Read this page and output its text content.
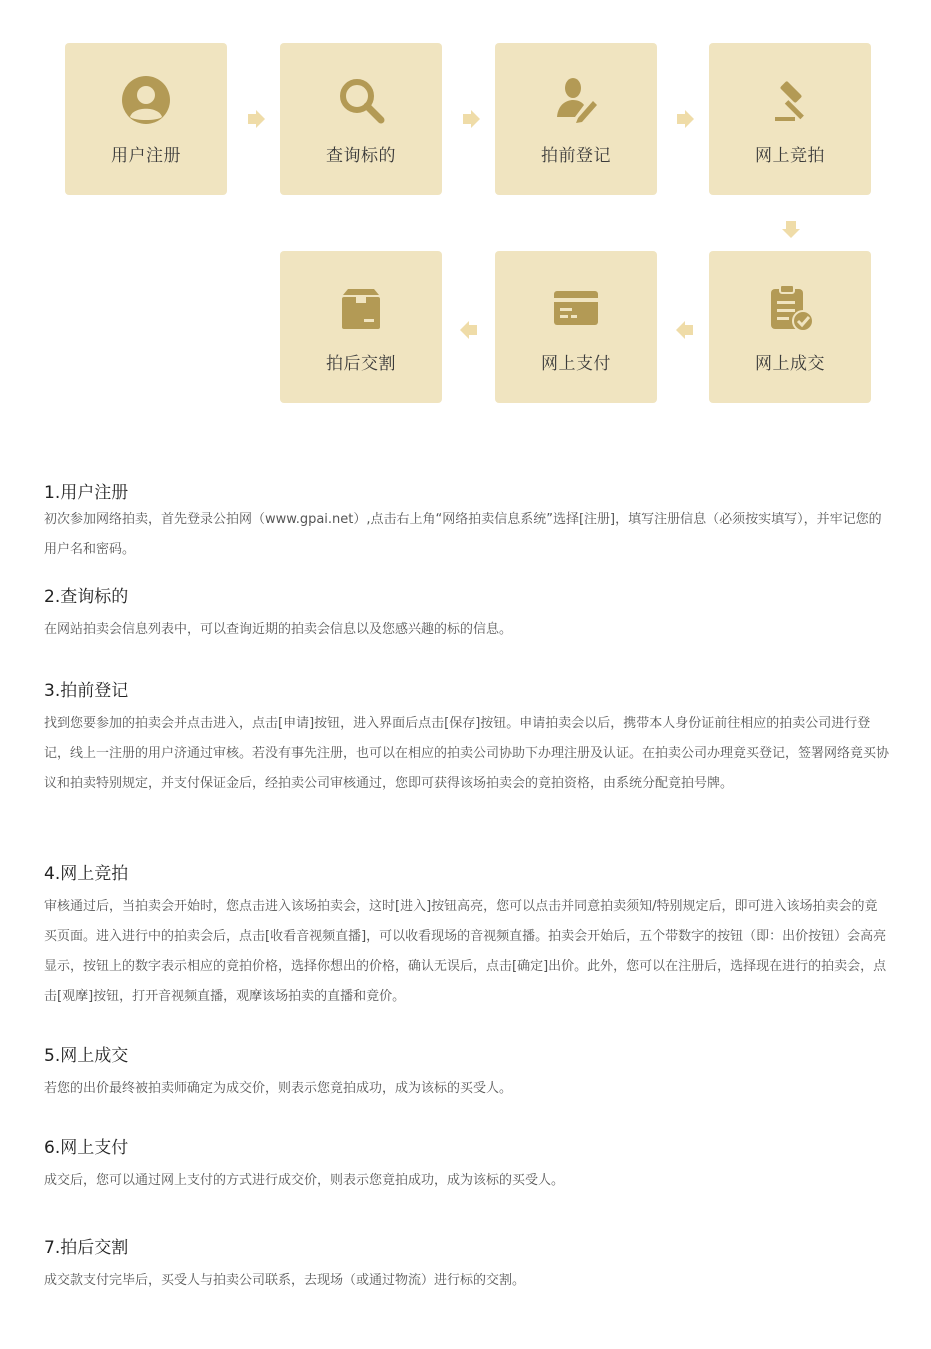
用户注册	查询标的	拍前登记	网上竞拍
网上成交
网上支付
拍后交割
1.用户注册

初次参加网络拍卖，首先登录公拍网（www.gpai.net）,点击右上角“网络拍卖信息系统”选择[注册]，填写注册信息（必须按实填写），并牢记您的用户名和密码。

2.查询标的

在网站拍卖会信息列表中，可以查询近期的拍卖会信息以及您感兴趣的标的信息。

3.拍前登记

找到您要参加的拍卖会并点击进入，点击[申请]按钮，进入界面后点击[保存]按钮。申请拍卖会以后，携带本人身份证前往相应的拍卖公司进行登记，线上一注册的用户济通过审核。若没有事先注册，也可以在相应的拍卖公司协助下办理注册及认证。在拍卖公司办理竟买登记，签署网络竟买协议和拍卖特别规定，并支付保证金后，经拍卖公司审核通过，您即可获得该场拍卖会的竟拍资格，由系统分配竟拍号牌。

4.网上竞拍

审核通过后，当拍卖会开始时，您点击进入该场拍卖会，这时[进入]按钮高亮，您可以点击并同意拍卖须知/特别规定后，即可进入该场拍卖会的竟买页面。进入进行中的拍卖会后，点击[收看音视频直播]，可以收看现场的音视频直播。拍卖会开始后，五个带数字的按钮（即：出价按钮）会高亮显示，按钮上的数字表示相应的竟拍价格，选择你想出的价格，确认无误后，点击[确定]出价。此外，您可以在注册后，选择现在进行的拍卖会，点击[观摩]按钮，打开音视频直播，观摩该场拍卖的直播和竟价。

5.网上成交

若您的出价最终被拍卖师确定为成交价，则表示您竟拍成功，成为该标的买受人。

6.网上支付

成交后，您可以通过网上支付的方式进行成交价，则表示您竟拍成功，成为该标的买受人。

7.拍后交割

成交款支付完毕后，买受人与拍卖公司联系，去现场（或通过物流）进行标的交割。
